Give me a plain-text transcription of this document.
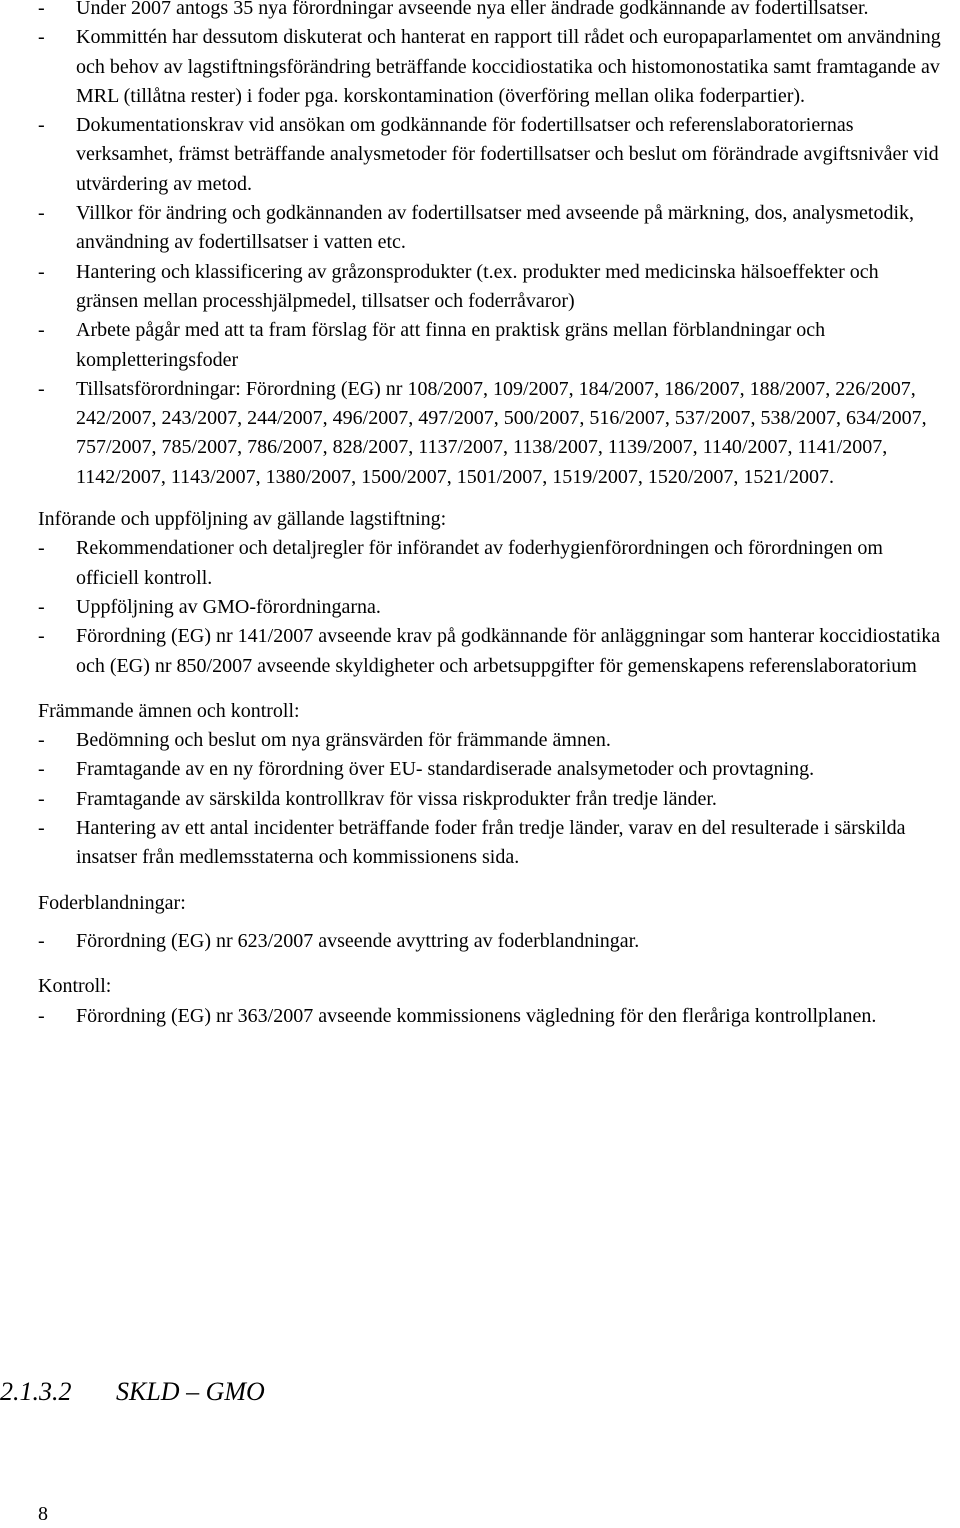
- Under 2007 antogs 35 nya förordningar avseende nya eller ändrade godkännande av fodertillsatser.
- Kommittén har dessutom diskuterat och hanterat en rapport till rådet och europaparlamentet om användning och behov av lagstiftningsförändring beträffande koccidiostatika och histomonostatika samt framtagande av MRL (tillåtna rester) i foder pga. korskontamination (överföring mellan olika foderpartier).
- Dokumentationskrav vid ansökan om godkännande för fodertillsatser och referenslaboratoriernas verksamhet, främst beträffande analysmetoder för fodertillsatser och beslut om förändrade avgiftsnivåer vid utvärdering av metod.
- Villkor för ändring och godkännanden av fodertillsatser med avseende på märkning, dos, analysmetodik, användning av fodertillsatser i vatten etc.
- Hantering och klassificering av gråzonsprodukter (t.ex. produkter med medicinska hälsoeffekter och gränsen mellan processhjälpmedel, tillsatser och foderråvaror)
- Arbete pågår med att ta fram förslag för att finna en praktisk gräns mellan förblandningar och kompletteringsfoder
- Tillsatsförordningar: Förordning (EG) nr 108/2007, 109/2007, 184/2007, 186/2007, 188/2007, 226/2007, 242/2007, 243/2007, 244/2007, 496/2007, 497/2007, 500/2007, 516/2007, 537/2007, 538/2007, 634/2007, 757/2007, 785/2007, 786/2007, 828/2007, 1137/2007, 1138/2007, 1139/2007, 1140/2007, 1141/2007, 1142/2007, 1143/2007, 1380/2007, 1500/2007, 1501/2007, 1519/2007, 1520/2007, 1521/2007.

Införande och uppföljning av gällande lagstiftning:

- Rekommendationer och detaljregler för införandet av foderhygienförordningen och förordningen om officiell kontroll.
- Uppföljning av GMO-förordningarna.
- Förordning (EG) nr 141/2007 avseende krav på godkännande för anläggningar som hanterar koccidiostatika och (EG) nr 850/2007 avseende skyldigheter och arbetsuppgifter för gemenskapens referenslaboratorium

Främmande ämnen och kontroll:

- Bedömning och beslut om nya gränsvärden för främmande ämnen.
- Framtagande av en ny förordning över EU- standardiserade analsymetoder och provtagning.
- Framtagande av särskilda kontrollkrav för vissa riskprodukter från tredje länder.
- Hantering av ett antal incidenter beträffande foder från tredje länder, varav en del resulterade i särskilda insatser från medlemsstaterna och kommissionens sida.

Foderblandningar:

- Förordning (EG) nr 623/2007 avseende avyttring av foderblandningar.

Kontroll:

- Förordning (EG) nr 363/2007 avseende kommissionens vägledning för den fleråriga kontrollplanen.
2.1.3.2 SKLD – GMO
8
